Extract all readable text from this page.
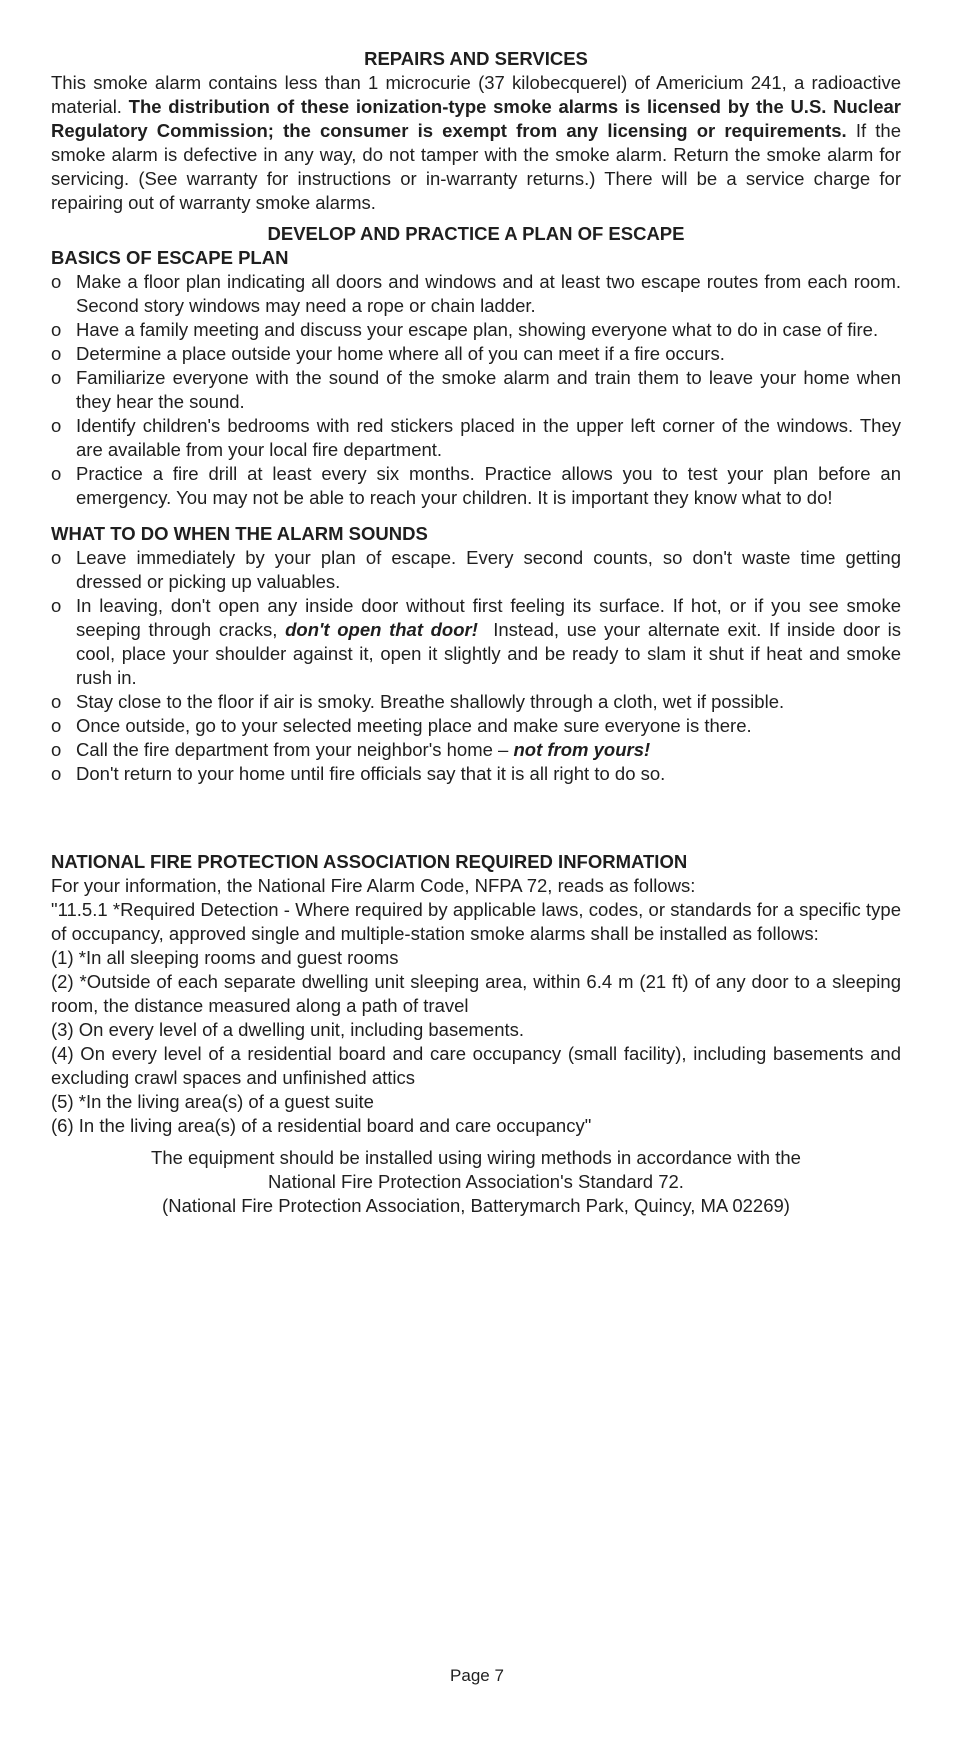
REPAIRS AND SERVICES

This smoke alarm contains less than 1 microcurie (37 kilobecquerel) of Americium 241, a radioactive material. The distribution of these ionization-type smoke alarms is licensed by the U.S. Nuclear Regulatory Commission; the consumer is exempt from any licensing or requirements. If the smoke alarm is defective in any way, do not tamper with the smoke alarm. Return the smoke alarm for servicing. (See warranty for instructions or in-warranty returns.) There will be a service charge for repairing out of warranty smoke alarms.

DEVELOP AND PRACTICE A PLAN OF ESCAPE
BASICS OF ESCAPE PLAN
o Make a floor plan indicating all doors and windows and at least two escape routes from each room. Second story windows may need a rope or chain ladder.
o Have a family meeting and discuss your escape plan, showing everyone what to do in case of fire.
o Determine a place outside your home where all of you can meet if a fire occurs.
o Familiarize everyone with the sound of the smoke alarm and train them to leave your home when they hear the sound.
o Identify children's bedrooms with red stickers placed in the upper left corner of the windows. They are available from your local fire department.
o Practice a fire drill at least every six months. Practice allows you to test your plan before an emergency. You may not be able to reach your children. It is important they know what to do!
WHAT TO DO WHEN THE ALARM SOUNDS
o Leave immediately by your plan of escape. Every second counts, so don't waste time getting dressed or picking up valuables.
o In leaving, don't open any inside door without first feeling its surface. If hot, or if you see smoke seeping through cracks, don't open that door!  Instead, use your alternate exit. If inside door is cool, place your shoulder against it, open it slightly and be ready to slam it shut if heat and smoke rush in.
o Stay close to the floor if air is smoky. Breathe shallowly through a cloth, wet if possible.
o Once outside, go to your selected meeting place and make sure everyone is there.
o Call the fire department from your neighbor's home – not from yours!
o Don't return to your home until fire officials say that it is all right to do so.
NATIONAL FIRE PROTECTION ASSOCIATION REQUIRED INFORMATION

For your information, the National Fire Alarm Code, NFPA 72, reads as follows:

"11.5.1 *Required Detection - Where required by applicable laws, codes, or standards for a specific type of occupancy, approved single and multiple-station smoke alarms shall be installed as follows:

(1) *In all sleeping rooms and guest rooms

(2) *Outside of each separate dwelling unit sleeping area, within 6.4 m (21 ft) of any door to a sleeping room, the distance measured along a path of travel

(3) On every level of a dwelling unit, including basements.

(4) On every level of a residential board and care occupancy (small facility), including basements and excluding crawl spaces and unfinished attics

(5) *In the living area(s) of a guest suite

(6) In the living area(s) of a residential board and care occupancy"

The equipment should be installed using wiring methods in accordance with the
National Fire Protection Association's Standard 72.
(National Fire Protection Association, Batterymarch Park, Quincy, MA 02269)
Page 7
